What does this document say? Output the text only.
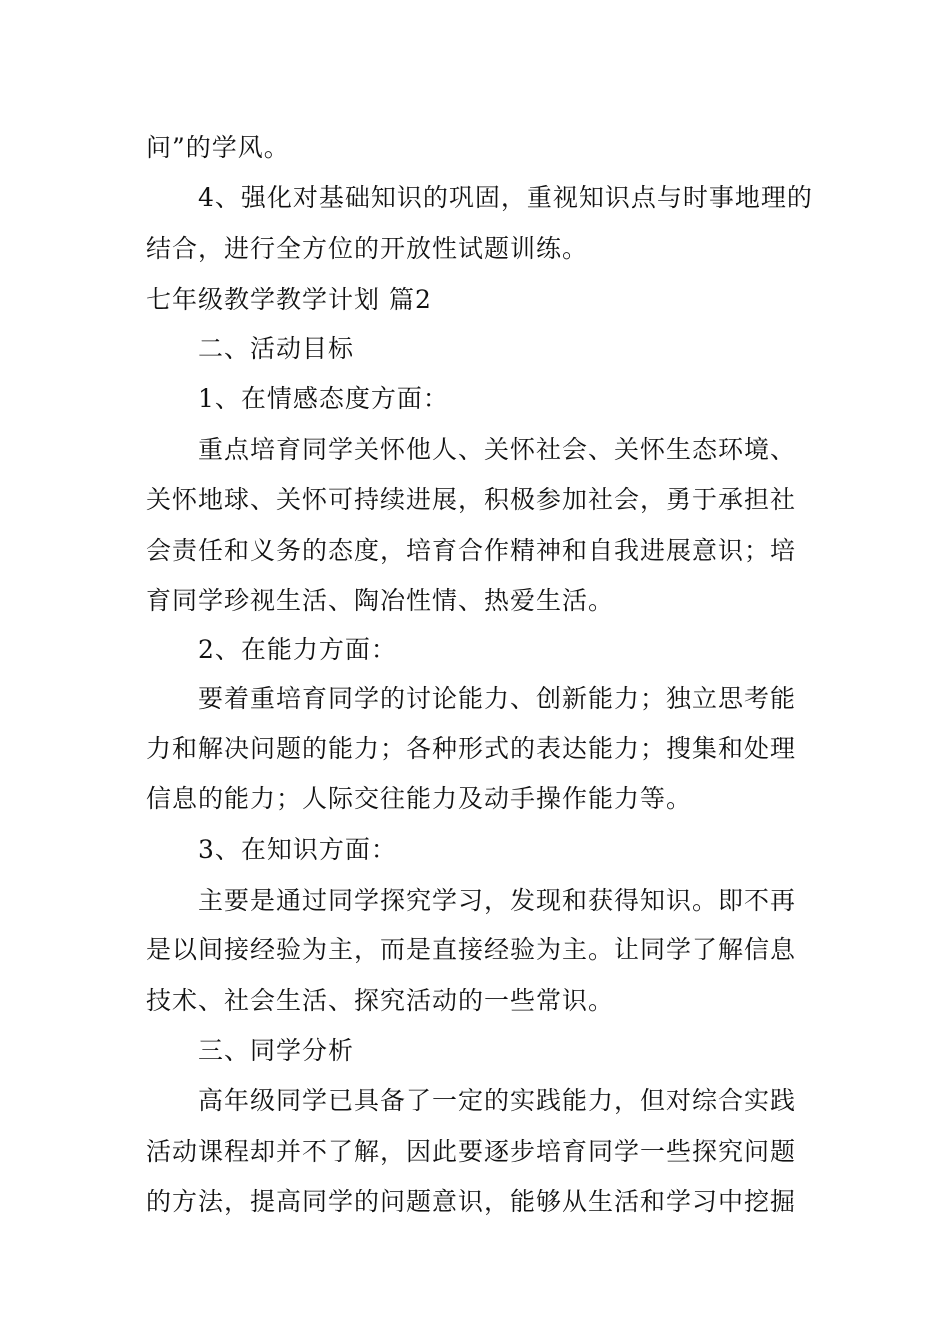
问”的学风。
4、强化对基础知识的巩固，重视知识点与时事地理的
结合，进行全方位的开放性试题训练。
七年级教学教学计划 篇2
二、活动目标
1、在情感态度方面：
重点培育同学关怀他人、关怀社会、关怀生态环境、
关怀地球、关怀可持续进展，积极参加社会，勇于承担社
会责任和义务的态度，培育合作精神和自我进展意识；培
育同学珍视生活、陶冶性情、热爱生活。
2、在能力方面：
要着重培育同学的讨论能力、创新能力；独立思考能
力和解决问题的能力；各种形式的表达能力；搜集和处理
信息的能力；人际交往能力及动手操作能力等。
3、在知识方面：
主要是通过同学探究学习，发现和获得知识。即不再
是以间接经验为主，而是直接经验为主。让同学了解信息
技术、社会生活、探究活动的一些常识。
三、同学分析
高年级同学已具备了一定的实践能力，但对综合实践
活动课程却并不了解，因此要逐步培育同学一些探究问题
的方法，提高同学的问题意识，能够从生活和学习中挖掘
